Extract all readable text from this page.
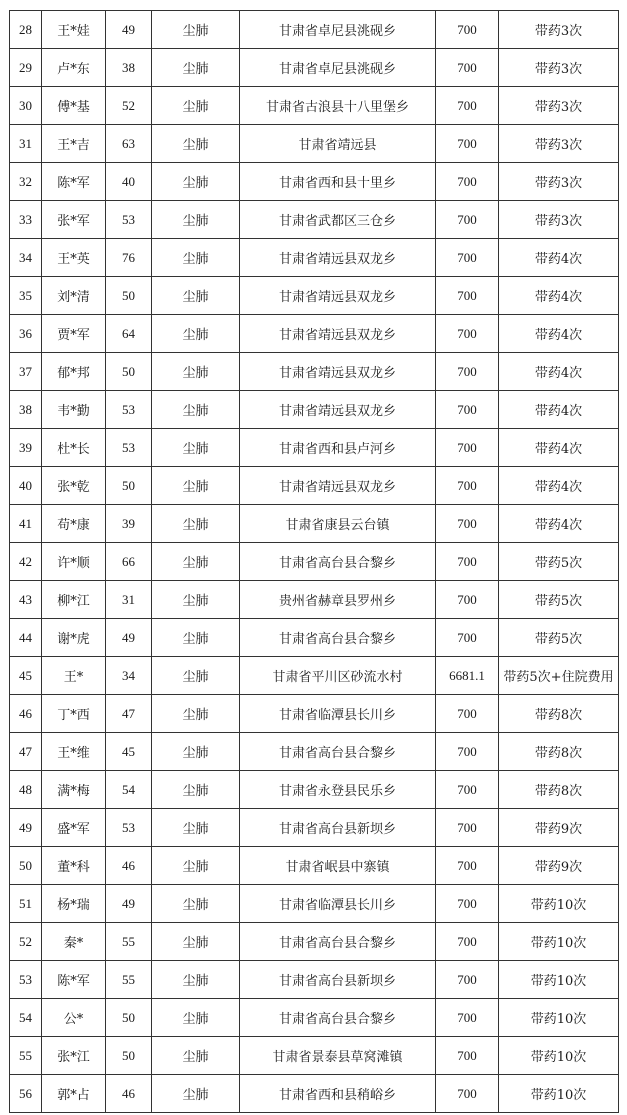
28	王*娃	49	尘肺	甘肃省卓尼县洮砚乡	700	带药3次
29	卢*东	38	尘肺	甘肃省卓尼县洮砚乡	700	带药3次
30	傅*基	52	尘肺	甘肃省古浪县十八里堡乡	700	带药3次
31	王*吉	63	尘肺	甘肃省靖远县	700	带药3次
32	陈*军	40	尘肺	甘肃省西和县十里乡	700	带药3次
33	张*军	53	尘肺	甘肃省武都区三仓乡	700	带药3次
34	王*英	76	尘肺	甘肃省靖远县双龙乡	700	带药4次
35	刘*清	50	尘肺	甘肃省靖远县双龙乡	700	带药4次
36	贾*军	64	尘肺	甘肃省靖远县双龙乡	700	带药4次
37	郁*邦	50	尘肺	甘肃省靖远县双龙乡	700	带药4次
38	韦*勤	53	尘肺	甘肃省靖远县双龙乡	700	带药4次
39	杜*长	53	尘肺	甘肃省西和县卢河乡	700	带药4次
40	张*乾	50	尘肺	甘肃省靖远县双龙乡	700	带药4次
41	苟*康	39	尘肺	甘肃省康县云台镇	700	带药4次
42	许*顺	66	尘肺	甘肃省高台县合黎乡	700	带药5次
43	柳*江	31	尘肺	贵州省赫章县罗州乡	700	带药5次
44	谢*虎	49	尘肺	甘肃省高台县合黎乡	700	带药5次
45	王*	34	尘肺	甘肃省平川区砂流水村	6681.1	带药5次+住院费用
46	丁*西	47	尘肺	甘肃省临潭县长川乡	700	带药8次
47	王*维	45	尘肺	甘肃省高台县合黎乡	700	带药8次
48	满*梅	54	尘肺	甘肃省永登县民乐乡	700	带药8次
49	盛*军	53	尘肺	甘肃省高台县新坝乡	700	带药9次
50	董*科	46	尘肺	甘肃省岷县中寨镇	700	带药9次
51	杨*瑞	49	尘肺	甘肃省临潭县长川乡	700	带药10次
52	秦*	55	尘肺	甘肃省高台县合黎乡	700	带药10次
53	陈*军	55	尘肺	甘肃省高台县新坝乡	700	带药10次
54	公*	50	尘肺	甘肃省高台县合黎乡	700	带药10次
55	张*江	50	尘肺	甘肃省景泰县草窝滩镇	700	带药10次
56	郭*占	46	尘肺	甘肃省西和县稍峪乡	700	带药10次
